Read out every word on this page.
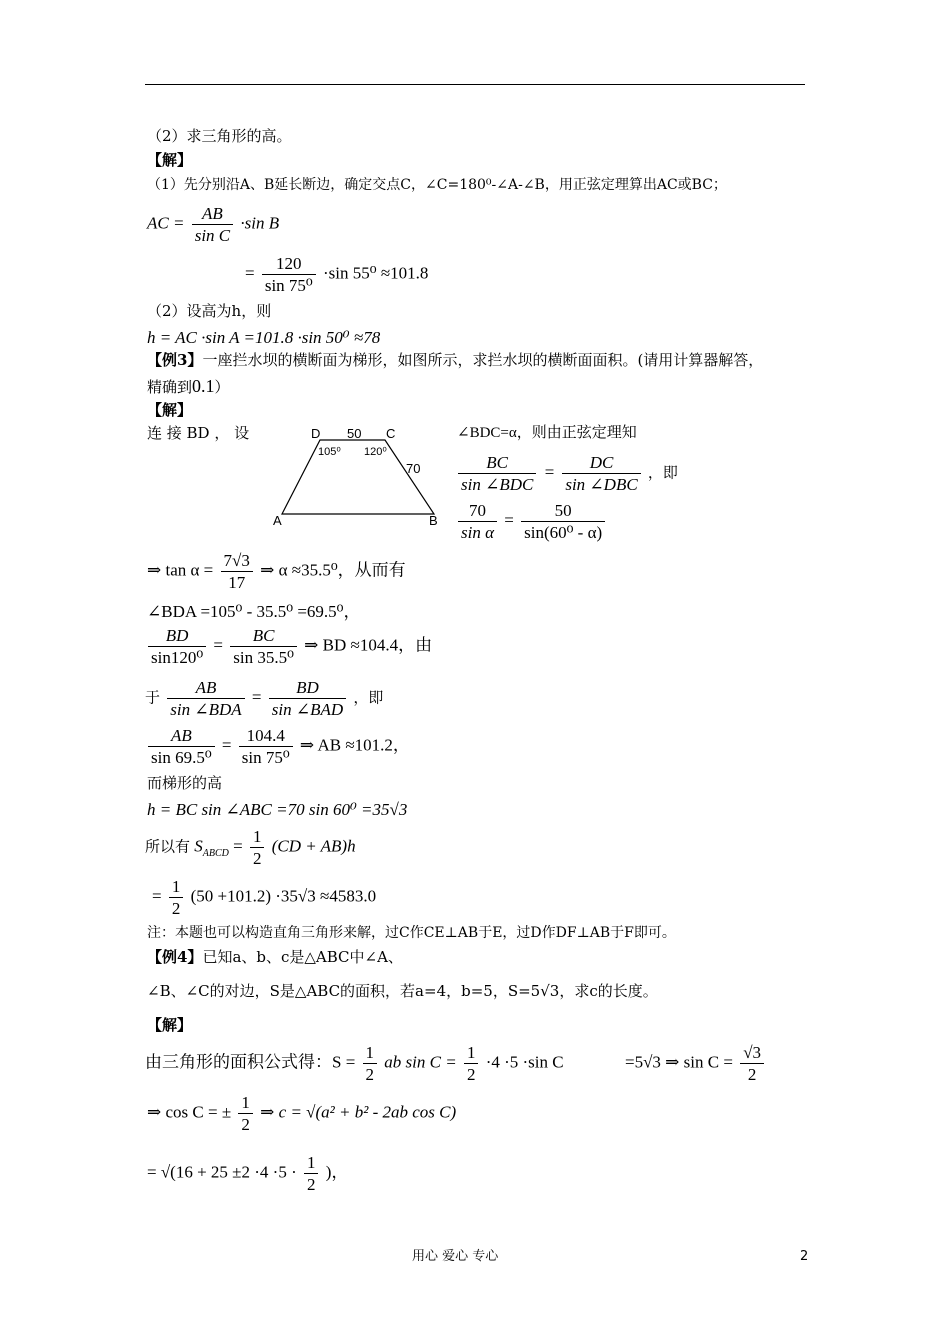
（2）求三角形的高。
【解】
（1）先分别沿A、B延长断边，确定交点C，∠C=180⁰-∠A-∠B，用正弦定理算出AC或BC；
AC = $\frac{AB}{\text{sin C}} \cdot\sin$ B
= $\frac{120}{\text{sin 75⁰}} \cdot\sin$ 55⁰ ≈101.8
（2）设高为h，则
h = AC ·sin A =101.8 ·sin 50⁰ ≈78
【例3】一座拦水坝的横断面为梯形，如图所示，求拦水坝的横断面面积。(请用计算器解答，
精确到0.1）
【解】
连 接 BD ， 设	D	C
A	B
50
70
105⁰ 120⁰
∠BDC=α，则由正弦定理知
$\frac{BC}{\text{sin ∠BDC}} = \frac{DC}{\text{sin ∠DBC}}$ ，即
$\frac{70}{\text{sin α}} = \frac{50}{\text{sin(60⁰ - α)}}$
⇒ $\tan \alpha = \frac{7√3}{17}$ ⇒ α ≈35.5⁰，从而有
∠BDA =105⁰ - 35.5⁰ =69.5⁰，
$\frac{BD}{\text{sin120⁰}} = \frac{BC}{\text{sin 35.5⁰}}$ ⇒ BD ≈104.4，由
于 $\frac{AB}{\text{sin ∠BDA}} = \frac{BD}{\text{sin ∠BAD}}$ ，即
$\frac{AB}{\text{sin 69.5⁰}} = \frac{104.4}{\text{sin 75⁰}}$ ⇒ AB ≈101.2，
而梯形的高
h = BC sin ∠ABC =70 sin 60⁰ =35√3
所以有 $S_{ABCD} = \frac{1}{2} (CD + AB)h$
= $\frac{1}{2} (50 +101.2) \cdot 35√3 \approx 4583.0$
注：本题也可以构造直角三角形来解，过C作CE⊥AB于E，过D作DF⊥AB于F即可。
【例4】已知a、b、c是△ABC中∠A、
∠B、∠C的对边，S是△ABC的面积，若a=4，b=5，S=5√3，求c的长度。
【解】
由三角形的面积公式得：$S = \frac{1}{2}$ ab $\sin C = \frac{1}{2} \cdot 4 \cdot 5 \cdot\sin$ C	=5√3 ⇒ $\sin C = \frac{√3}{2}$
⇒ cos C = ± $\frac{1}{2}$ ⇒ c = √(a² + b² - 2ab cos C)
= $√(16 + 25 \pm 2 \cdot 4 \cdot 5 \cdot \frac{1}{2}$ )，
用心 爱心 专心	2
